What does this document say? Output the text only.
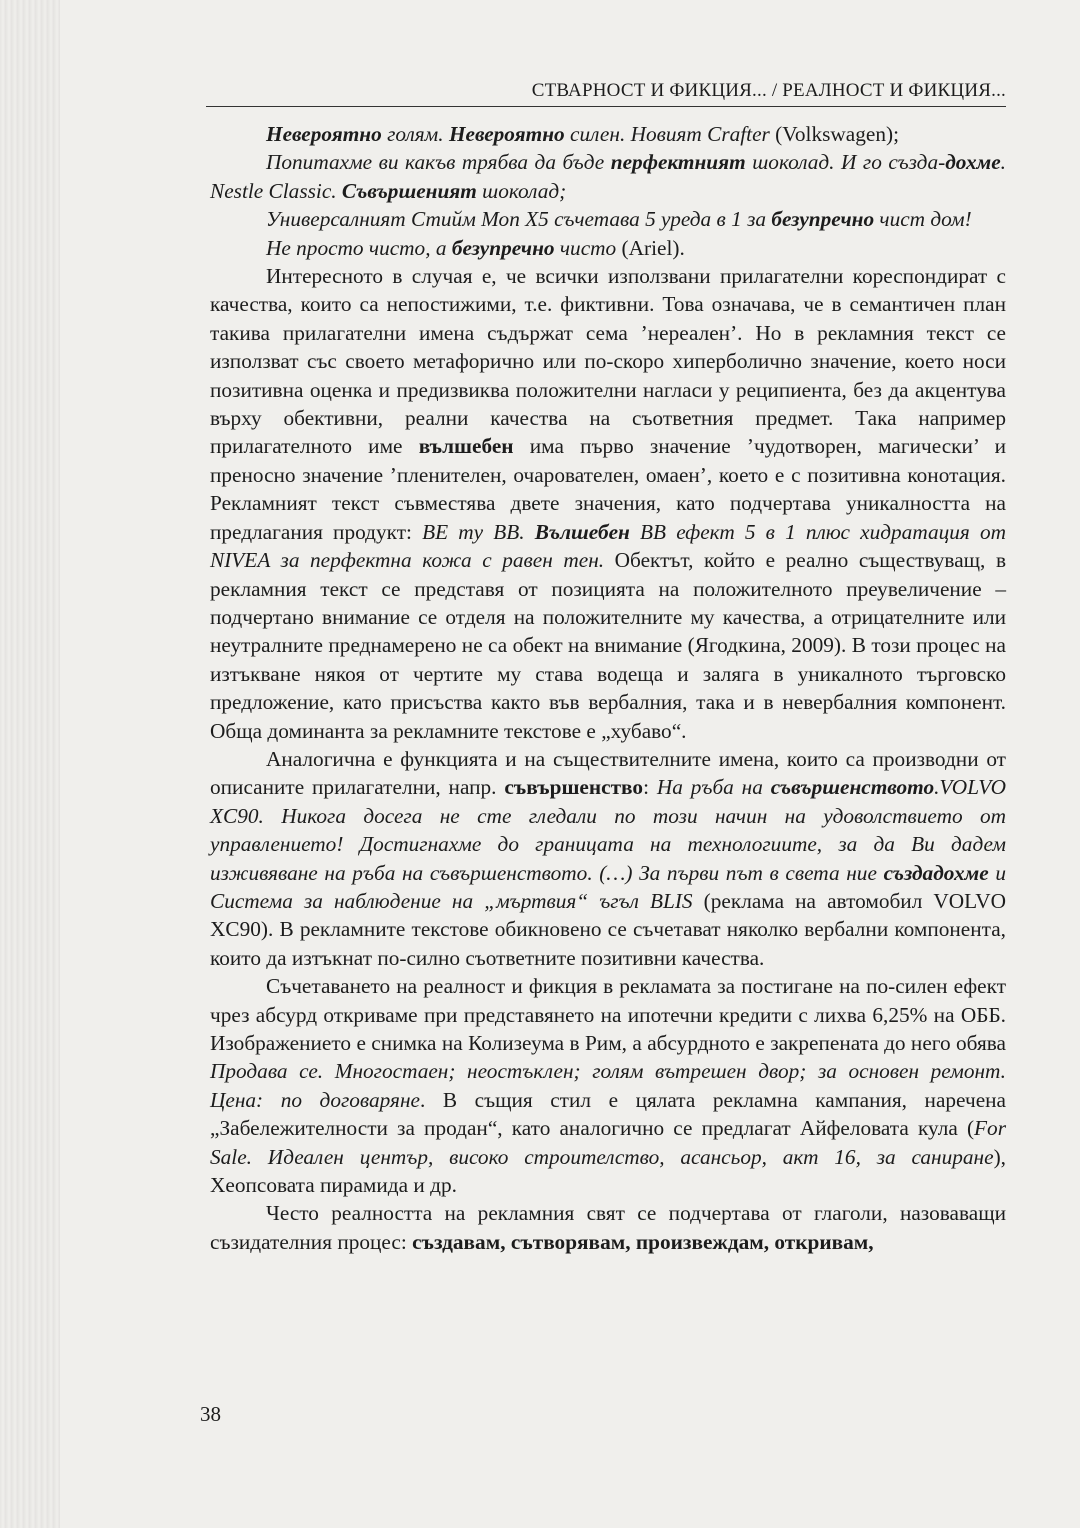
СТВАРНОСТ И ФИКЦИЯ... / РЕАЛНОСТ И ФИКЦИЯ...

Невероятно голям. Невероятно силен. Новият Crafter (Volkswagen);

Попитахме ви какъв трябва да бъде перфектният шоколад. И го създа-дохме. Nestle Classic. Съвършеният шоколад;

Универсалният Стийм Моп Х5 съчетава 5 уреда в 1 за безупречно чист дом!

Не просто чисто, а безупречно чисто (Ariel).

Интересното в случая е, че всички използвани прилагателни кореспондират с качества, които са непостижими, т.е. фиктивни. Това означава, че в семантичен план такива прилагателни имена съдържат сема ’нереален’. Но в рекламния текст се използват със своето метафорично или по-скоро хиперболично значение, което носи позитивна оценка и предизвиква положителни нагласи у реципиента, без да акцентува върху обективни, реални качества на съответния предмет. Така например прилагателното име вълшебен има първо значение ’чудотворен, магически’ и преносно значение ’пленителен, очарователен, омаен’, което е с позитивна конотация. Рекламният текст съвместява двете значения, като подчертава уникалността на предлагания продукт: BE my BB. Вълшебен BB ефект 5 в 1 плюс хидратация от NIVEA за перфектна кожа с равен тен. Обектът, който е реално съществуващ, в рекламния текст се представя от позицията на положителното преувеличение – подчертано внимание се отделя на положителните му качества, а отрицателните или неутралните преднамерено не са обект на внимание (Ягодкина, 2009). В този процес на изтъкване някоя от чертите му става водеща и залягa в уникалното търговско предложение, като присъства както във вербалния, така и в невербалния компонент. Обща доминанта за рекламните текстове е „хубаво“.

Аналогична е функцията и на съществителните имена, които са производни от описаните прилагателни, напр. съвършенство: На ръба на съвършенството.VOLVO XC90. Никога досега не сте гледали по този начин на удоволствието от управлението! Достигнахме до границата на технологиите, за да Ви дадем изживяване на ръба на съвършенството. (…) За първи път в света ние създадохме и Система за наблюдение на „мъртвия“ ъгъл BLIS (реклама на автомобил VOLVO XC90). В рекламните текстове обикновено се съчетават няколко вербални компонента, които да изтъкнат по-силно съответните позитивни качества.

Съчетаването на реалност и фикция в рекламата за постигане на по-силен ефект чрез абсурд откриваме при представянето на ипотечни кредити с лихва 6,25% на ОББ. Изображението е снимка на Колизеума в Рим, а абсурдното е закрепената до него обява Продава се. Многостаен; неостъклен; голям вътрешен двор; за основен ремонт. Цена: по договаряне. В същия стил е цялата рекламна кампания, наречена „Забележителности за продан“, като аналогично се предлагат Айфеловата кула (For Sale. Идеален център, високо строителство, асансьор, акт 16, за саниране), Хеопсовата пирамида и др.

Често реалността на рекламния свят се подчертава от глаголи, назоваващи съзидателния процес: създавам, сътворявам, произвеждам, откривам,

38
